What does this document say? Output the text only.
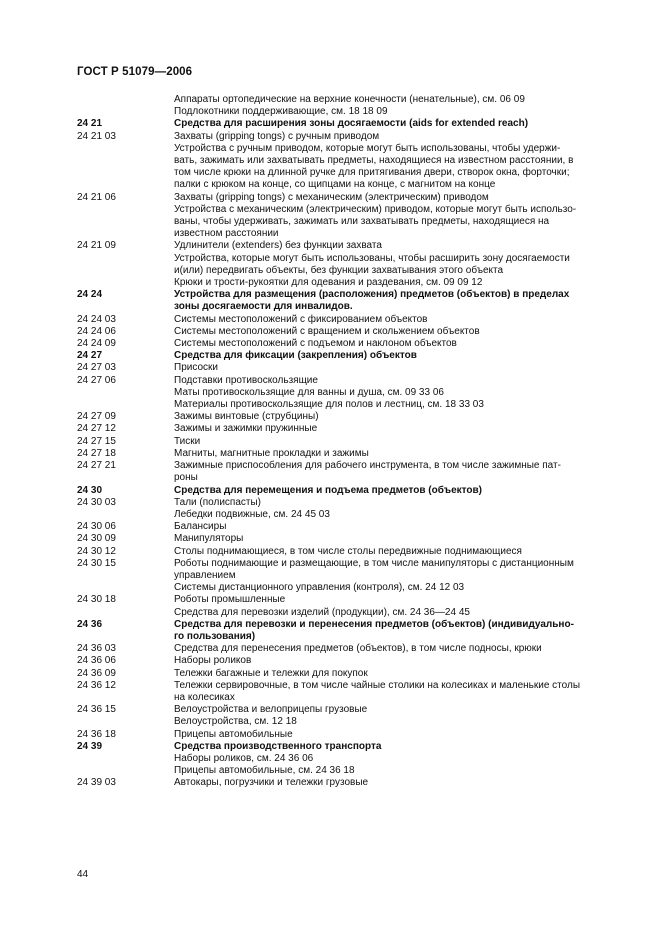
ГОСТ Р 51079—2006
Аппараты ортопедические на верхние конечности (ненательные), см. 06 09
Подлокотники поддерживающие, см. 18 18 09
24 21	Средства для расширения зоны досягаемости (aids for extended reach)
24 21 03	Захваты (gripping tongs) с ручным приводом
Устройства с ручным приводом, которые могут быть использованы, чтобы удержи-
вать, зажимать или захватывать предметы, находящиеся на известном расстоянии, в
том числе крюки на длинной ручке для притягивания двери, створок окна, форточки;
палки с крюком на конце, со щипцами на конце, с магнитом на конце
24 21 06	Захваты (gripping tongs) с механическим (электрическим) приводом
Устройства с механическим (электрическим) приводом, которые могут быть использо-
ваны, чтобы удерживать, зажимать или захватывать предметы, находящиеся на
известном расстоянии
24 21 09	Удлинители (extenders) без функции захвата
Устройства, которые могут быть использованы, чтобы расширить зону досягаемости
и(или) передвигать объекты, без функции захватывания этого объекта
Крюки и трости-рукоятки для одевания и раздевания, см. 09 09 12
24 24	Устройства для размещения (расположения) предметов (объектов) в пределах
зоны досягаемости для инвалидов.
24 24 03	Системы местоположений с фиксированием объектов
24 24 06	Системы местоположений с вращением и скольжением объектов
24 24 09	Системы местоположений с подъемом и наклоном объектов
24 27	Средства для фиксации (закрепления) объектов
24 27 03	Присоски
24 27 06	Подставки противоскользящие
Маты противоскользящие для ванны и душа, см. 09 33 06
Материалы противоскользящие для полов и лестниц, см. 18 33 03
24 27 09	Зажимы винтовые (струбцины)
24 27 12	Зажимы и зажимки пружинные
24 27 15	Тиски
24 27 18	Магниты, магнитные прокладки и зажимы
24 27 21	Зажимные приспособления для рабочего инструмента, в том числе зажимные пат-
роны
24 30	Средства для перемещения и подъема предметов (объектов)
24 30 03	Тали (полиспасты)
Лебедки подвижные, см. 24 45 03
24 30 06	Балансиры
24 30 09	Манипуляторы
24 30 12	Столы поднимающиеся, в том числе столы передвижные поднимающиеся
24 30 15	Роботы поднимающие и размещающие, в том числе манипуляторы с дистанционным
управлением
Системы дистанционного управления (контроля), см. 24 12 03
24 30 18	Роботы промышленные
Средства для перевозки изделий (продукции), см. 24 36—24 45
24 36	Средства для перевозки и перенесения предметов (объектов) (индивидуально-
го пользования)
24 36 03	Средства для перенесения предметов (объектов), в том числе подносы, крюки
24 36 06	Наборы роликов
24 36 09	Тележки багажные и тележки для покупок
24 36 12	Тележки сервировочные, в том числе чайные столики на колесиках и маленькие столы
на колесиках
24 36 15	Велоустройства и велоприцепы грузовые
Велоустройства, см. 12 18
24 36 18	Прицепы автомобильные
24 39	Средства производственного транспорта
Наборы роликов, см. 24 36 06
Прицепы автомобильные, см. 24 36 18
24 39 03	Автокары, погрузчики и тележки грузовые
44
